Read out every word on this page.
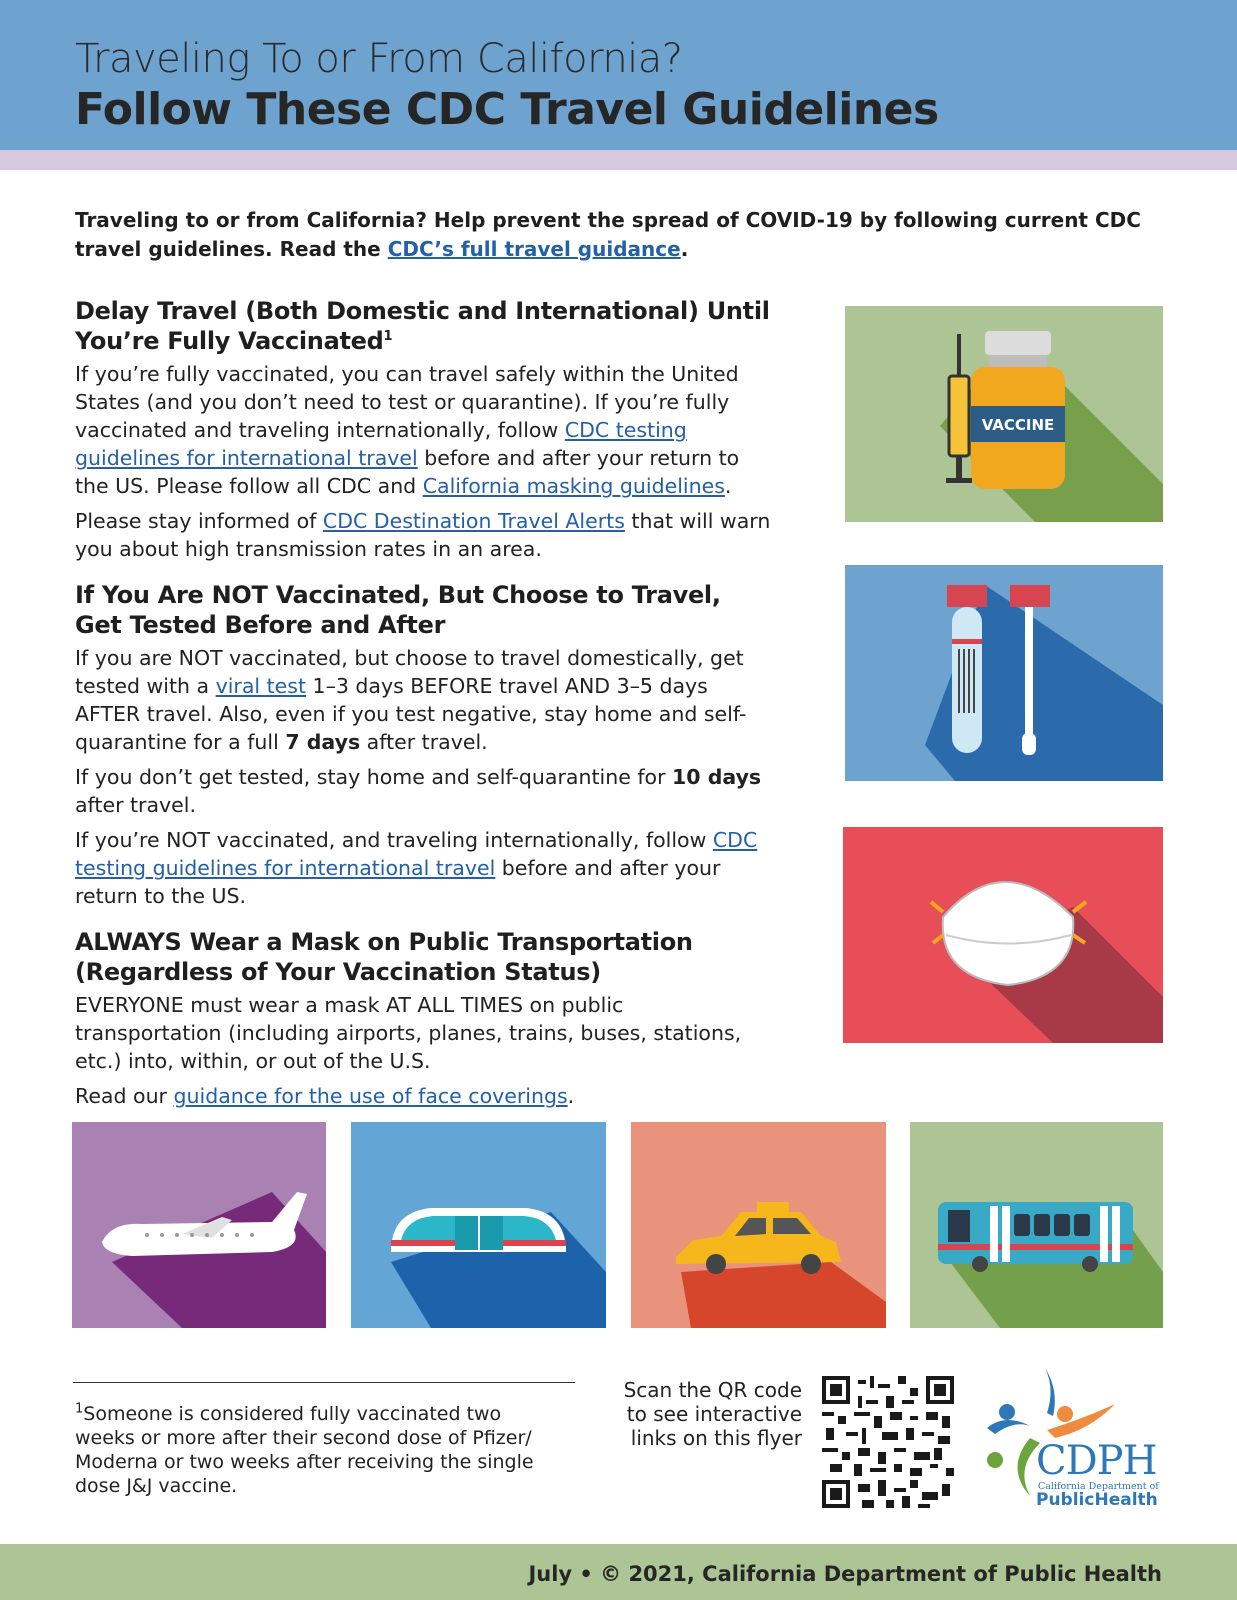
Traveling To or From California?
Follow These CDC Travel Guidelines
Traveling to or from California? Help prevent the spread of COVID-19 by following current CDC travel guidelines. Read the CDC’s full travel guidance.
Delay Travel (Both Domestic and International) Until You’re Fully Vaccinated$^1$

If you’re fully vaccinated, you can travel safely within the United States (and you don’t need to test or quarantine). If you’re fully vaccinated and traveling internationally, follow CDC testing guidelines for international travel before and after your return to the US. Please follow all CDC and California masking guidelines.

Please stay informed of CDC Destination Travel Alerts that will warn you about high transmission rates in an area.

If You Are NOT Vaccinated, But Choose to Travel, Get Tested Before and After

If you are NOT vaccinated, but choose to travel domestically, get tested with a viral test 1–3 days BEFORE travel AND 3–5 days AFTER travel. Also, even if you test negative, stay home and self-quarantine for a full 7 days after travel.

If you don’t get tested, stay home and self-quarantine for 10 days after travel.

If you’re NOT vaccinated, and traveling internationally, follow CDC testing guidelines for international travel before and after your return to the US.

ALWAYS Wear a Mask on Public Transportation (Regardless of Your Vaccination Status)

EVERYONE must wear a mask AT ALL TIMES on public transportation (including airports, planes, trains, buses, stations, etc.) into, within, or out of the U.S.

Read our guidance for the use of face coverings.

VACCINE
$^1$Someone is considered fully vaccinated two weeks or more after their second dose of Pfizer/ Moderna or two weeks after receiving the single dose J&J vaccine.
Scan the QR code to see interactive links on this flyer	CDPH
California Department of
PublicHealth
July • © 2021, California Department of Public Health
